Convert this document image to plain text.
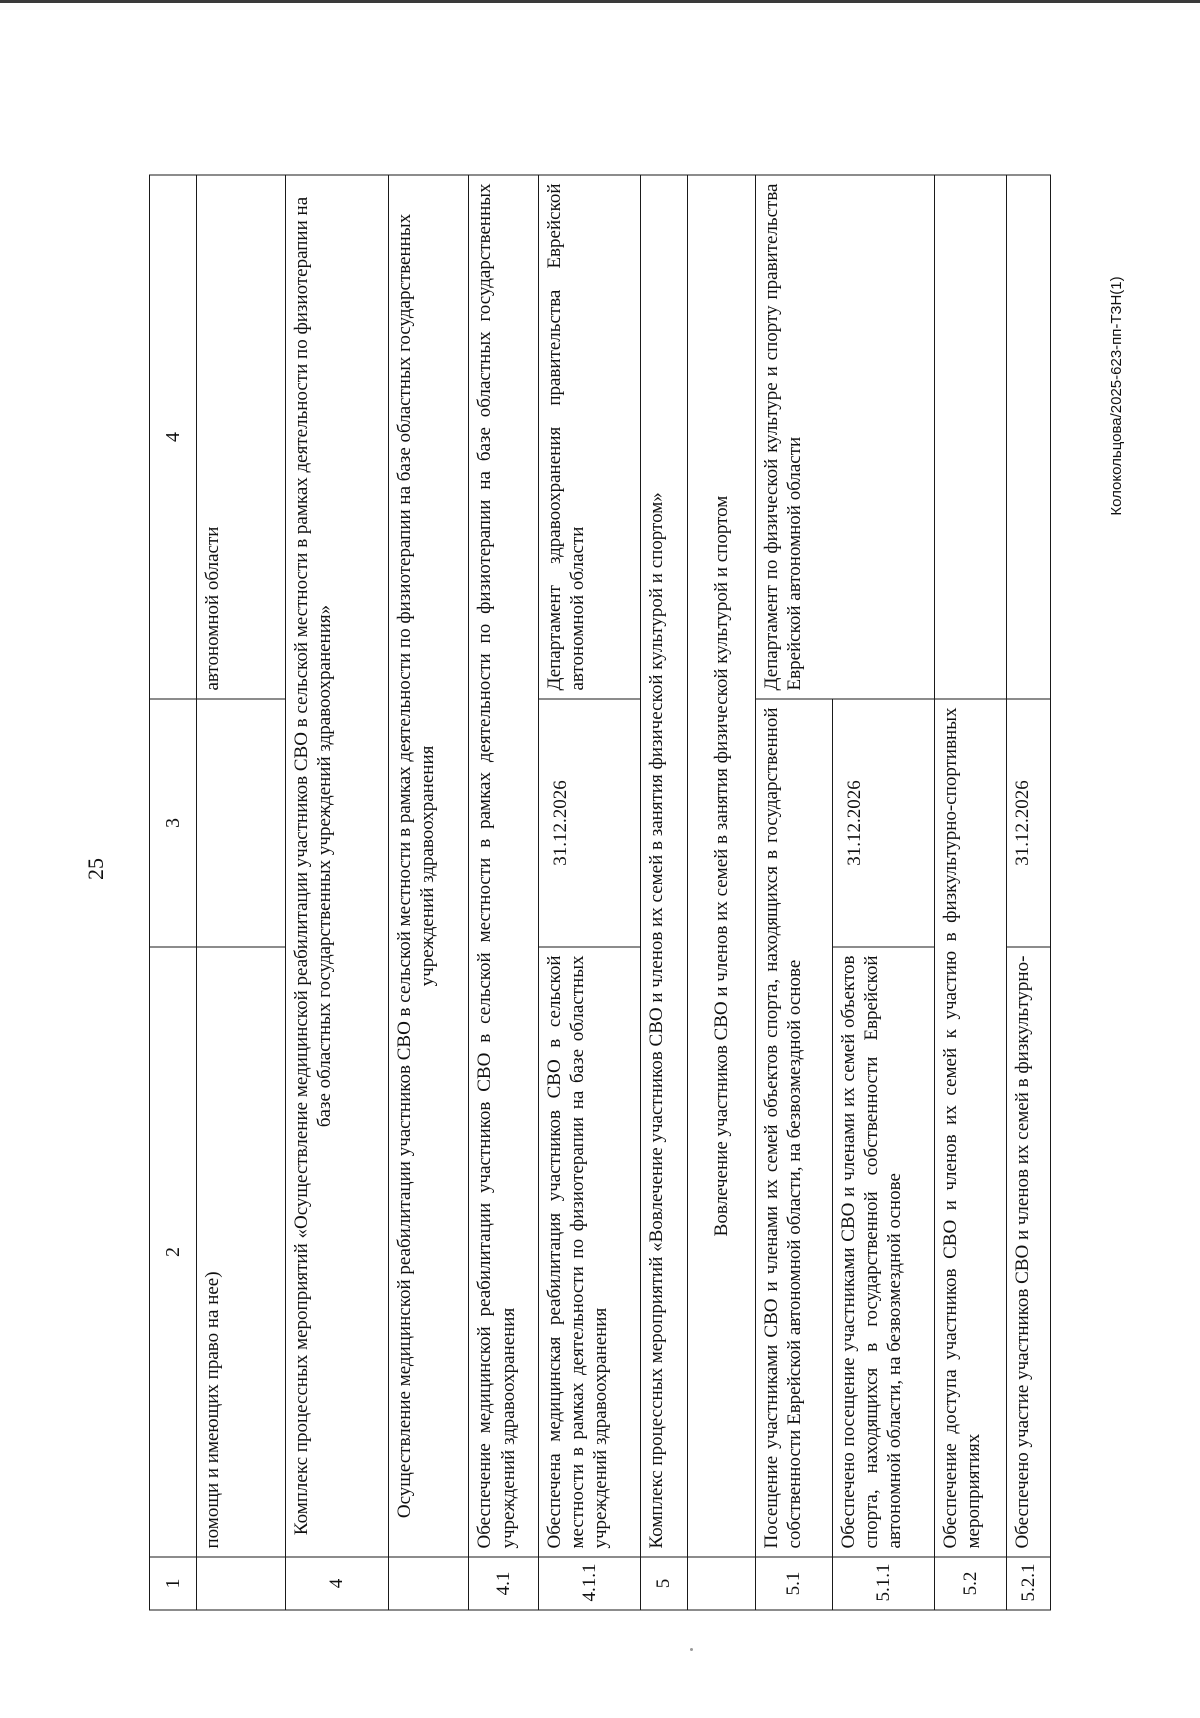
25
Колокольцова/2025-623-пп-ТЗН(1)
1	2	3	4
	помощи и имеющих право на нее)		автономной области
4	Комплекс процессных мероприятий «Осуществление медицинской реабилитации участников СВО в сельской местности в рамках деятельности по физиотерапии на базе областных государственных учреждений здравоохранения»		
	Осуществление медицинской реабилитации участников СВО в сельской местности в рамках деятельности по физиотерапии на базе областных государственных учреждений здравоохранения		
4.1	Обеспечение медицинской реабилитации участников СВО в сельской местности в рамках деятельности по физиотерапии на базе областных государственных учреждений здравоохранения		
4.1.1	Обеспечена медицинская реабилитация участников СВО в сельской местности в рамках деятельности по физиотерапии на базе областных учреждений здравоохранения	31.12.2026	Департамент здравоохранения правительства Еврейской автономной области
5	Комплекс процессных мероприятий «Вовлечение участников СВО и членов их семей в занятия физической культурой и спортом»		
	Вовлечение участников СВО и членов их семей в занятия физической культурой и спортом		
5.1	Посещение участниками СВО и членами их семей объектов спорта, находящихся в государственной собственности Еврейской автономной области, на безвозмездной основе		Департамент по физической культуре и спорту правительства Еврейской автономной области
5.1.1	Обеспечено посещение участниками СВО и членами их семей объектов спорта, находящихся в государственной собственности Еврейской автономной области, на безвозмездной основе	31.12.2026	
5.2	Обеспечение доступа участников СВО и членов их семей к участию в физкультурно-спортивных мероприятиях		
5.2.1	Обеспечено участие участников СВО и членов их семей в физкультурно-	31.12.2026	
